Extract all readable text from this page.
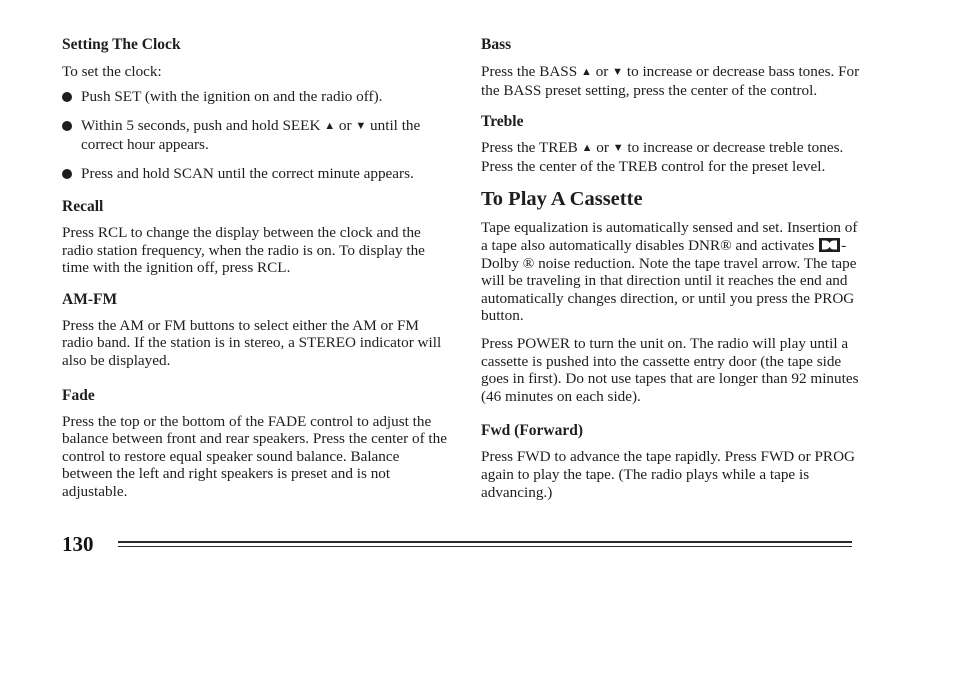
Setting The Clock

To set the clock:

Push SET (with the ignition on and the radio off).
Within 5 seconds, push and hold SEEK ▲ or ▼ until the correct hour appears.
Press and hold SCAN until the correct minute appears.
Recall

Press RCL to change the display between the clock and the radio station frequency, when the radio is on. To display the time with the ignition off, press RCL.

AM-FM

Press the AM or FM buttons to select either the AM or FM radio band. If the station is in stereo, a STEREO indicator will also be displayed.

Fade

Press the top or the bottom of the FADE control to adjust the balance between front and rear speakers. Press the center of the control to restore equal speaker sound balance. Balance between the left and right speakers is preset and is not adjustable.

Bass

Press the BASS ▲ or ▼ to increase or decrease bass tones. For the BASS preset setting, press the center of the control.

Treble

Press the TREB ▲ or ▼ to increase or decrease treble tones. Press the center of the TREB control for the preset level.

To Play A Cassette

Tape equalization is automatically sensed and set. Insertion of a tape also automatically disables DNR® and activates -Dolby ® noise reduction. Note the tape travel arrow. The tape will be traveling in that direction until it reaches the end and automatically changes direction, or until you press the PROG button.

Press POWER to turn the unit on. The radio will play until a cassette is pushed into the cassette entry door (the tape side goes in first). Do not use tapes that are longer than 92 minutes (46 minutes on each side).

Fwd (Forward)

Press FWD to advance the tape rapidly. Press FWD or PROG again to play the tape. (The radio plays while a tape is advancing.)

130
